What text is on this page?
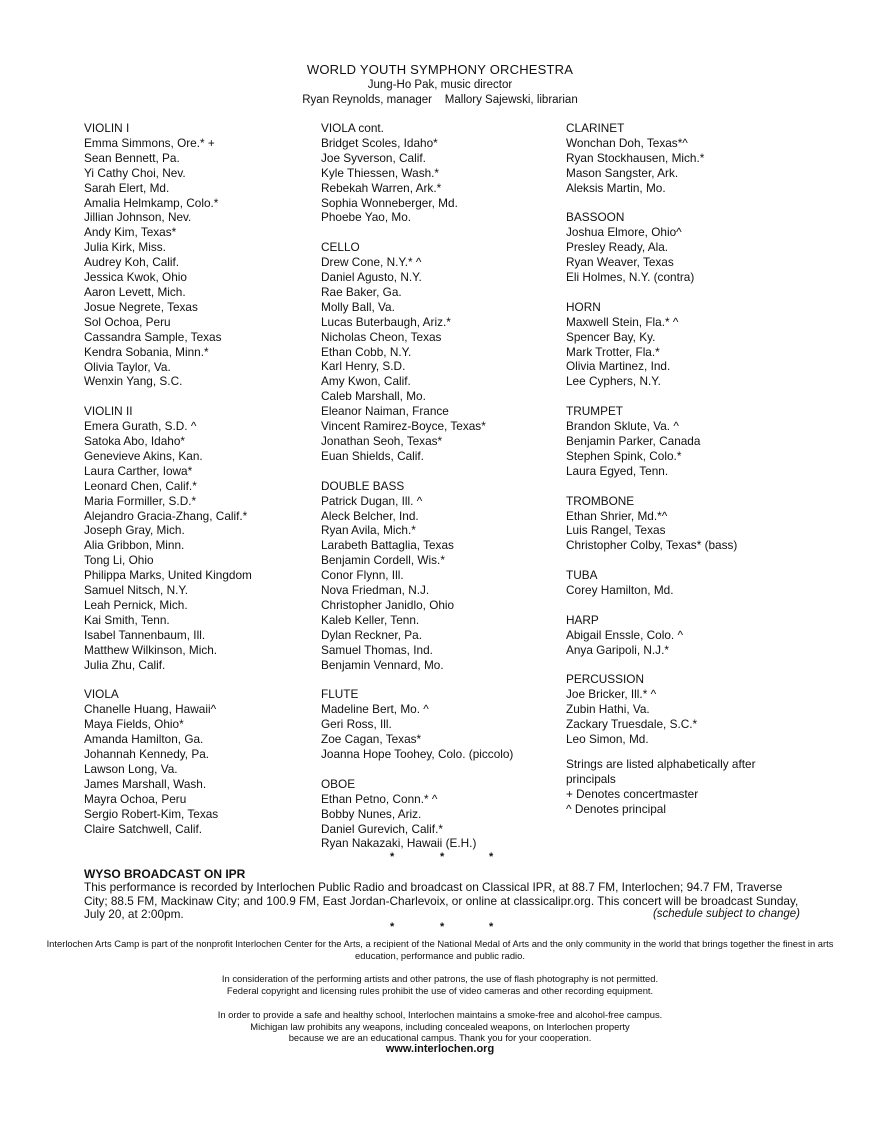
WORLD YOUTH SYMPHONY ORCHESTRA
Jung-Ho Pak, music director
Ryan Reynolds, manager    Mallory Sajewski, librarian
VIOLIN I
Emma Simmons, Ore.* +
Sean Bennett, Pa.
Yi Cathy Choi, Nev.
Sarah Elert, Md.
Amalia Helmkamp, Colo.*
Jillian Johnson, Nev.
Andy Kim, Texas*
Julia Kirk, Miss.
Audrey Koh, Calif.
Jessica Kwok, Ohio
Aaron Levett, Mich.
Josue Negrete, Texas
Sol Ochoa, Peru
Cassandra Sample, Texas
Kendra Sobania, Minn.*
Olivia Taylor, Va.
Wenxin Yang, S.C.
VIOLIN II
Emera Gurath, S.D. ^
Satoka Abo, Idaho*
Genevieve Akins, Kan.
Laura Carther, Iowa*
Leonard Chen, Calif.*
Maria Formiller, S.D.*
Alejandro Gracia-Zhang, Calif.*
Joseph Gray, Mich.
Alia Gribbon, Minn.
Tong Li, Ohio
Philippa Marks, United Kingdom
Samuel Nitsch, N.Y.
Leah Pernick, Mich.
Kai Smith, Tenn.
Isabel Tannenbaum, Ill.
Matthew Wilkinson, Mich.
Julia Zhu, Calif.
VIOLA
Chanelle Huang, Hawaii^
Maya Fields, Ohio*
Amanda Hamilton, Ga.
Johannah Kennedy, Pa.
Lawson Long, Va.
James Marshall, Wash.
Mayra Ochoa, Peru
Sergio Robert-Kim, Texas
Claire Satchwell, Calif.
VIOLA cont.
Bridget Scoles, Idaho*
Joe Syverson, Calif.
Kyle Thiessen, Wash.*
Rebekah Warren, Ark.*
Sophia Wonneberger, Md.
Phoebe Yao, Mo.
CELLO
Drew Cone, N.Y.* ^
Daniel Agusto, N.Y.
Rae Baker, Ga.
Molly Ball, Va.
Lucas Buterbaugh, Ariz.*
Nicholas Cheon, Texas
Ethan Cobb, N.Y.
Karl Henry, S.D.
Amy Kwon, Calif.
Caleb Marshall, Mo.
Eleanor Naiman, France
Vincent Ramirez-Boyce, Texas*
Jonathan Seoh, Texas*
Euan Shields, Calif.
DOUBLE BASS
Patrick Dugan, Ill. ^
Aleck Belcher, Ind.
Ryan Avila, Mich.*
Larabeth Battaglia, Texas
Benjamin Cordell, Wis.*
Conor Flynn, Ill.
Nova Friedman, N.J.
Christopher Janidlo, Ohio
Kaleb Keller, Tenn.
Dylan Reckner, Pa.
Samuel Thomas, Ind.
Benjamin Vennard, Mo.
FLUTE
Madeline Bert, Mo. ^
Geri Ross, Ill.
Zoe Cagan, Texas*
Joanna Hope Toohey, Colo. (piccolo)
OBOE
Ethan Petno, Conn.* ^
Bobby Nunes, Ariz.
Daniel Gurevich, Calif.*
Ryan Nakazaki, Hawaii (E.H.)
CLARINET
Wonchan Doh, Texas*^
Ryan Stockhausen, Mich.*
Mason Sangster, Ark.
Aleksis Martin, Mo.
BASSOON
Joshua Elmore, Ohio^
Presley Ready, Ala.
Ryan Weaver, Texas
Eli Holmes, N.Y. (contra)
HORN
Maxwell Stein, Fla.* ^
Spencer Bay, Ky.
Mark Trotter, Fla.*
Olivia Martinez, Ind.
Lee Cyphers, N.Y.
TRUMPET
Brandon Sklute, Va. ^
Benjamin Parker, Canada
Stephen Spink, Colo.*
Laura Egyed, Tenn.
TROMBONE
Ethan Shrier, Md.*^
Luis Rangel, Texas
Christopher Colby, Texas* (bass)
TUBA
Corey Hamilton, Md.
HARP
Abigail Enssle, Colo. ^
Anya Garipoli, N.J.*
PERCUSSION
Joe Bricker, Ill.* ^
Zubin Hathi, Va.
Zackary Truesdale, S.C.*
Leo Simon, Md.
Strings are listed alphabetically after
principals
+ Denotes concertmaster
^ Denotes principal
*	*	*
WYSO BROADCAST ON IPR
This performance is recorded by Interlochen Public Radio and broadcast on Classical IPR, at 88.7 FM, Interlochen; 94.7 FM, Traverse City; 88.5 FM, Mackinaw City; and 100.9 FM, East Jordan-Charlevoix, or online at classicalipr.org. This concert will be broadcast Sunday, July 20, at 2:00pm.	(schedule subject to change)
*	*	*
Interlochen Arts Camp is part of the nonprofit Interlochen Center for the Arts, a recipient of the National Medal of Arts and the only community in the world that brings together the finest in arts education, performance and public radio.
In consideration of the performing artists and other patrons, the use of flash photography is not permitted.
Federal copyright and licensing rules prohibit the use of video cameras and other recording equipment.
In order to provide a safe and healthy school, Interlochen maintains a smoke-free and alcohol-free campus.
Michigan law prohibits any weapons, including concealed weapons, on Interlochen property
because we are an educational campus. Thank you for your cooperation.
www.interlochen.org
